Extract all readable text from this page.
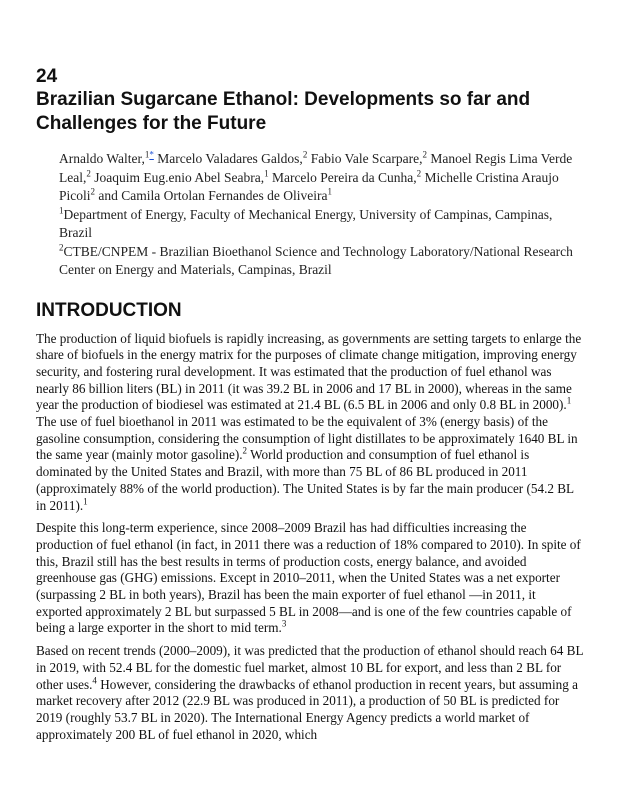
24
Brazilian Sugarcane Ethanol: Developments so far and Challenges for the Future

Arnaldo Walter,$^{1*}$ Marcelo Valadares Galdos,$^2$ Fabio Vale Scarpare,$^2$ Manoel Regis Lima Verde Leal,$^2$ Joaquim Eug.enio Abel Seabra,$^1$ Marcelo Pereira da Cunha,$^2$ Michelle Cristina Araujo Picoli$^2$ and Camila Ortolan Fernandes de Oliveira$^1$

$^1$Department of Energy, Faculty of Mechanical Energy, University of Campinas, Campinas, Brazil

$^2$CTBE/CNPEM - Brazilian Bioethanol Science and Technology Laboratory/National Research Center on Energy and Materials, Campinas, Brazil

INTRODUCTION

The production of liquid biofuels is rapidly increasing, as governments are setting targets to enlarge the share of biofuels in the energy matrix for the purposes of climate change mitigation, improving energy security, and fostering rural development. It was estimated that the production of fuel ethanol was nearly 86 billion liters (BL) in 2011 (it was 39.2 BL in 2006 and 17 BL in 2000), whereas in the same year the production of biodiesel was estimated at 21.4 BL (6.5 BL in 2006 and only 0.8 BL in 2000).$^1$ The use of fuel bioethanol in 2011 was estimated to be the equivalent of 3% (energy basis) of the gasoline consumption, considering the consumption of light distillates to be approximately 1640 BL in the same year (mainly motor gasoline).$^2$ World production and consumption of fuel ethanol is dominated by the United States and Brazil, with more than 75 BL of 86 BL produced in 2011 (approximately 88% of the world production). The United States is by far the main producer (54.2 BL in 2011).$^1$

Despite this long-term experience, since 2008–2009 Brazil has had difficulties increasing the production of fuel ethanol (in fact, in 2011 there was a reduction of 18% compared to 2010). In spite of this, Brazil still has the best results in terms of production costs, energy balance, and avoided greenhouse gas (GHG) emissions. Except in 2010–2011, when the United States was a net exporter (surpassing 2 BL in both years), Brazil has been the main exporter of fuel ethanol —in 2011, it exported approximately 2 BL but surpassed 5 BL in 2008—and is one of the few countries capable of being a large exporter in the short to mid term.$^3$

Based on recent trends (2000–2009), it was predicted that the production of ethanol should reach 64 BL in 2019, with 52.4 BL for the domestic fuel market, almost 10 BL for export, and less than 2 BL for other uses.$^4$ However, considering the drawbacks of ethanol production in recent years, but assuming a market recovery after 2012 (22.9 BL was produced in 2011), a production of 50 BL is predicted for 2019 (roughly 53.7 BL in 2020). The International Energy Agency predicts a world market of approximately 200 BL of fuel ethanol in 2020, which
